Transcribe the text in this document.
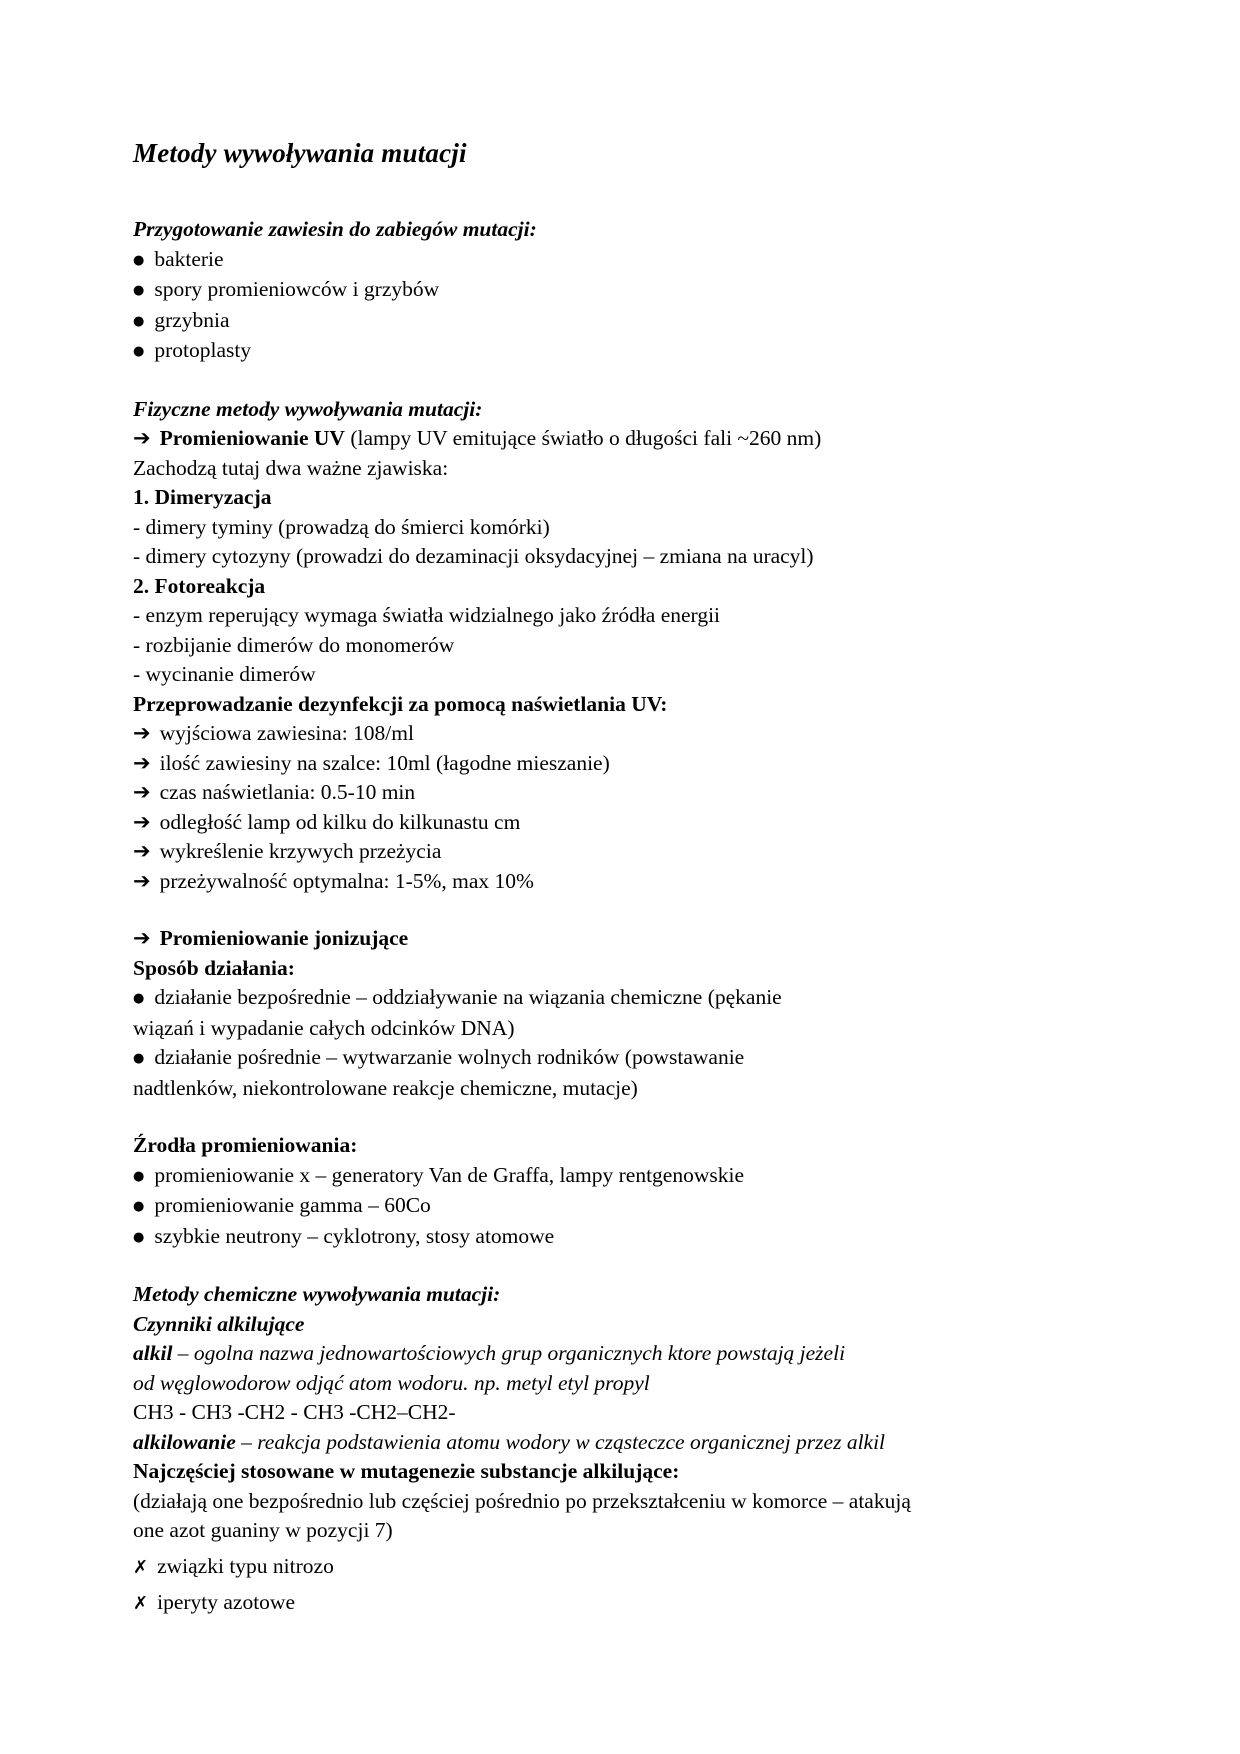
Metody wywoływania mutacji
Przygotowanie zawiesin do zabiegów mutacji:
● bakterie
● spory promieniowców i grzybów
● grzybnia
● protoplasty
Fizyczne metody wywoływania mutacji:
➔ Promieniowanie UV (lampy UV emitujące światło o długości fali ~260 nm)
Zachodzą tutaj dwa ważne zjawiska:
1. Dimeryzacja
- dimery tyminy (prowadzą do śmierci komórki)
- dimery cytozyny (prowadzi do dezaminacji oksydacyjnej – zmiana na uracyl)
2. Fotoreakcja
- enzym reperujący wymaga światła widzialnego jako źródła energii
- rozbijanie dimerów do monomerów
- wycinanie dimerów
Przeprowadzanie dezynfekcji za pomocą naświetlania UV:
➔ wyjściowa zawiesina: 108/ml
➔ ilość zawiesiny na szalce: 10ml (łagodne mieszanie)
➔ czas naświetlania: 0.5-10 min
➔ odległość lamp od kilku do kilkunastu cm
➔ wykreślenie krzywych przeżycia
➔ przeżywalność optymalna: 1-5%, max 10%
➔ Promieniowanie jonizujące
Sposób działania:
● działanie bezpośrednie – oddziaływanie na wiązania chemiczne (pękanie
wiązań i wypadanie całych odcinków DNA)
● działanie pośrednie – wytwarzanie wolnych rodników (powstawanie
nadtlenków, niekontrolowane reakcje chemiczne, mutacje)
Źrodła promieniowania:
● promieniowanie x – generatory Van de Graffa, lampy rentgenowskie
● promieniowanie gamma – 60Co
● szybkie neutrony – cyklotrony, stosy atomowe
Metody chemiczne wywoływania mutacji:
Czynniki alkilujące
alkil – ogolna nazwa jednowartościowych grup organicznych ktore powstają jeżeli
od węglowodorow odjąć atom wodoru. np. metyl etyl propyl
CH3 - CH3 -CH2 - CH3 -CH2–CH2-
alkilowanie – reakcja podstawienia atomu wodory w cząsteczce organicznej przez alkil
Najczęściej stosowane w mutagenezie substancje alkilujące:
(działają one bezpośrednio lub częściej pośrednio po przekształceniu w komorce – atakują
one azot guaniny w pozycji 7)
✗ związki typu nitrozo
✗ iperyty azotowe
